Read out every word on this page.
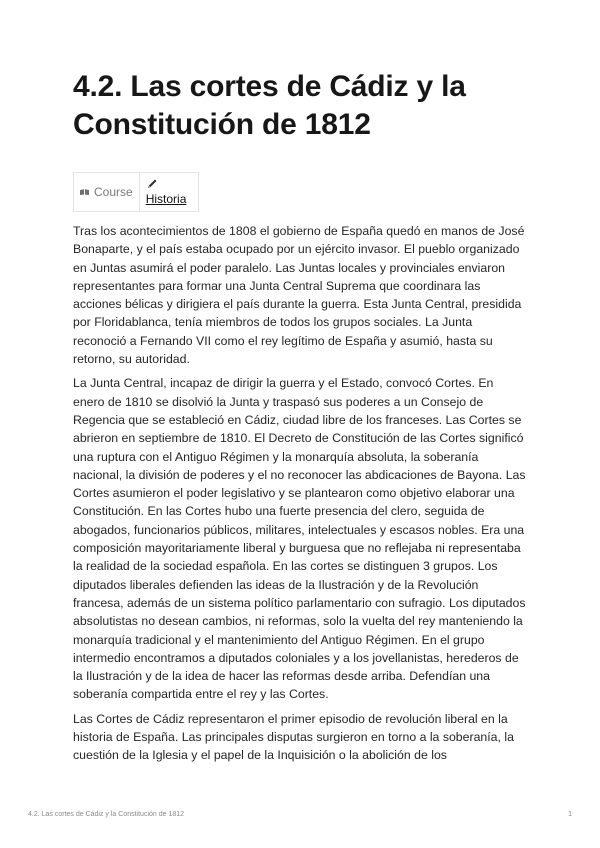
4.2. Las cortes de Cádiz y la Constitución de 1812
Course	Historia

Tras los acontecimientos de 1808 el gobierno de España quedó en manos de José Bonaparte, y el país estaba ocupado por un ejército invasor. El pueblo organizado en Juntas asumirá el poder paralelo. Las Juntas locales y provinciales enviaron representantes para formar una Junta Central Suprema que coordinara las acciones bélicas y dirigiera el país durante la guerra. Esta Junta Central, presidida por Floridablanca, tenía miembros de todos los grupos sociales. La Junta reconoció a Fernando VII como el rey legítimo de España y asumió, hasta su retorno, su autoridad.

La Junta Central, incapaz de dirigir la guerra y el Estado, convocó Cortes. En enero de 1810 se disolvió la Junta y traspasó sus poderes a un Consejo de Regencia que se estableció en Cádiz, ciudad libre de los franceses. Las Cortes se abrieron en septiembre de 1810. El Decreto de Constitución de las Cortes significó una ruptura con el Antiguo Régimen y la monarquía absoluta, la soberanía nacional, la división de poderes y el no reconocer las abdicaciones de Bayona. Las Cortes asumieron el poder legislativo y se plantearon como objetivo elaborar una Constitución. En las Cortes hubo una fuerte presencia del clero, seguida de abogados, funcionarios públicos, militares, intelectuales y escasos nobles. Era una composición mayoritariamente liberal y burguesa que no reflejaba ni representaba la realidad de la sociedad española. En las cortes se distinguen 3 grupos. Los diputados liberales defienden las ideas de la Ilustración y de la Revolución francesa, además de un sistema político parlamentario con sufragio. Los diputados absolutistas no desean cambios, ni reformas, solo la vuelta del rey manteniendo la monarquía tradicional y el mantenimiento del Antiguo Régimen. En el grupo intermedio encontramos a diputados coloniales y a los jovellanistas, herederos de la Ilustración y de la idea de hacer las reformas desde arriba. Defendían una soberanía compartida entre el rey y las Cortes.

Las Cortes de Cádiz representaron el primer episodio de revolución liberal en la historia de España. Las principales disputas surgieron en torno a la soberanía, la cuestión de la Iglesia y el papel de la Inquisición o la abolición de los

4.2. Las cortes de Cádiz y la Constitución de 1812	1
